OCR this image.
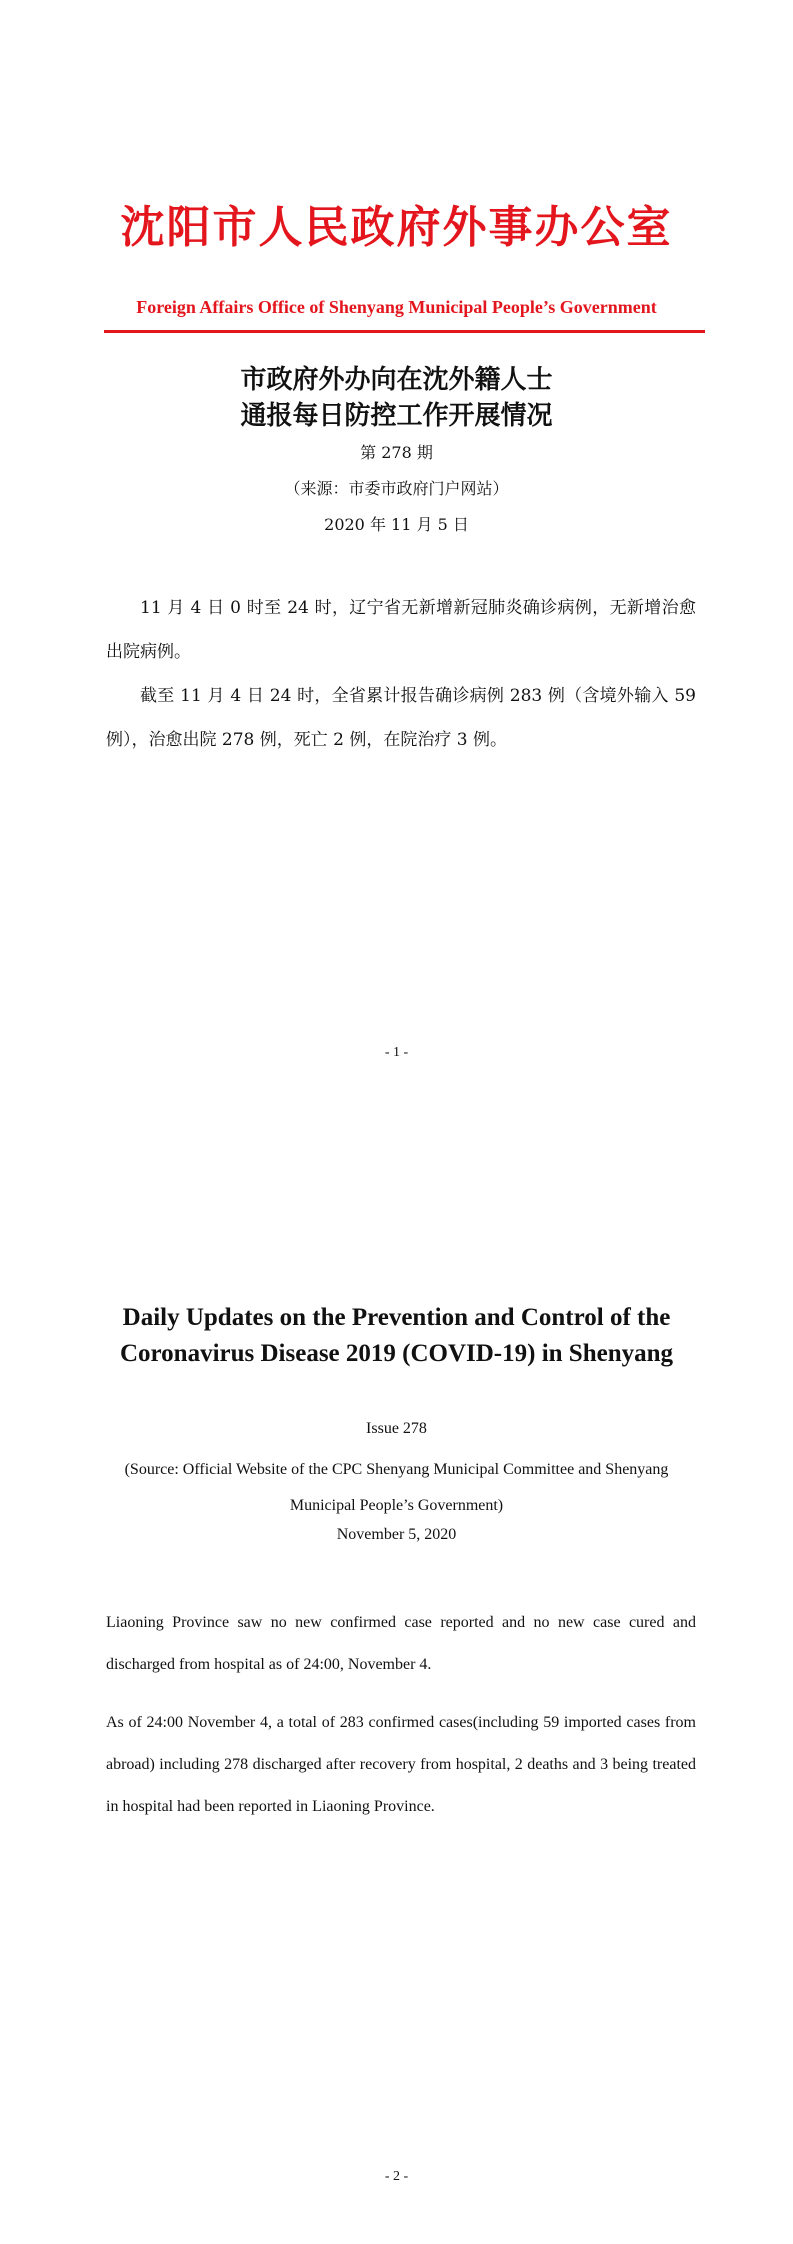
沈阳市人民政府外事办公室
Foreign Affairs Office of Shenyang Municipal People’s Government
市政府外办向在沈外籍人士
通报每日防控工作开展情况
第 278 期
（来源：市委市政府门户网站）
2020 年 11 月 5 日

11 月 4 日 0 时至 24 时，辽宁省无新增新冠肺炎确诊病例，无新增治愈出院病例。

截至 11 月 4 日 24 时，全省累计报告确诊病例 283 例（含境外输入 59 例），治愈出院 278 例，死亡 2 例，在院治疗 3 例。

- 1 -
Daily Updates on the Prevention and Control of the Coronavirus Disease 2019 (COVID-19) in Shenyang
Issue 278
(Source: Official Website of the CPC Shenyang Municipal Committee and Shenyang Municipal People’s Government)
November 5, 2020

Liaoning Province saw no new confirmed case reported and no new case cured and discharged from hospital as of 24:00, November 4.

As of 24:00 November 4, a total of 283 confirmed cases(including 59 imported cases from abroad) including 278 discharged after recovery from hospital, 2 deaths and 3 being treated in hospital had been reported in Liaoning Province.

- 2 -
